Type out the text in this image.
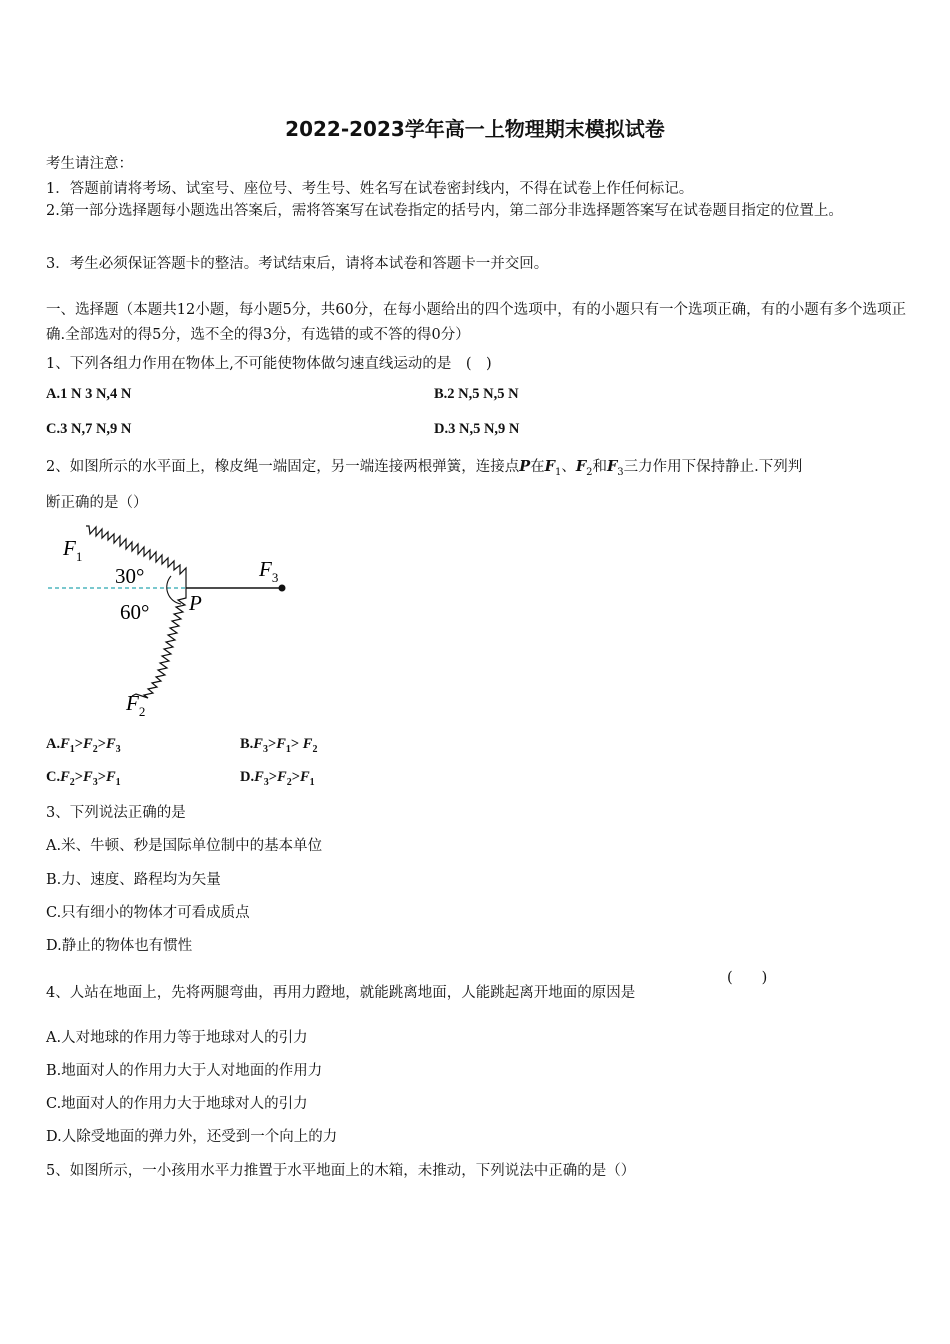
2022-2023学年高一上物理期末模拟试卷
考生请注意：
1．答题前请将考场、试室号、座位号、考生号、姓名写在试卷密封线内，不得在试卷上作任何标记。
2.第一部分选择题每小题选出答案后，需将答案写在试卷指定的括号内，第二部分非选择题答案写在试卷题目指定的位置上。
3．考生必须保证答题卡的整洁。考试结束后，请将本试卷和答题卡一并交回。
一、选择题（本题共12小题，每小题5分，共60分，在每小题给出的四个选项中，有的小题只有一个选项正确，有的小题有多个选项正确.全部选对的得5分，选不全的得3分，有选错的或不答的得0分）
1、下列各组力作用在物体上,不可能使物体做匀速直线运动的是　(　)
A.1 N 3 N,4 N	B.2 N,5 N,5 N
C.3 N,7 N,9 N	D.3 N,5 N,9 N
2、如图所示的水平面上，橡皮绳一端固定，另一端连接两根弹簧，连接点P在$F_1$、$F_2$和$F_3$三力作用下保持静止.下列判
断正确的是（）
$F_1$
$F_3$
$F_2$
30°
60° P
$A.F_1>F_2>F_3$	$B.F_3>F_1> F_2$
$C.F_2>F_3>F_1$	$D.F_3>F_2>F_1$
3、下列说法正确的是
A.米、牛顿、秒是国际单位制中的基本单位
B.力、速度、路程均为矢量
C.只有细小的物体才可看成质点
D.静止的物体也有惯性
4、人站在地面上，先将两腿弯曲，再用力蹬地，就能跳离地面，人能跳起离开地面的原因是
(　　)
A.人对地球的作用力等于地球对人的引力
B.地面对人的作用力大于人对地面的作用力
C.地面对人的作用力大于地球对人的引力
D.人除受地面的弹力外，还受到一个向上的力
5、如图所示，一小孩用水平力推置于水平地面上的木箱，未推动，下列说法中正确的是（）
